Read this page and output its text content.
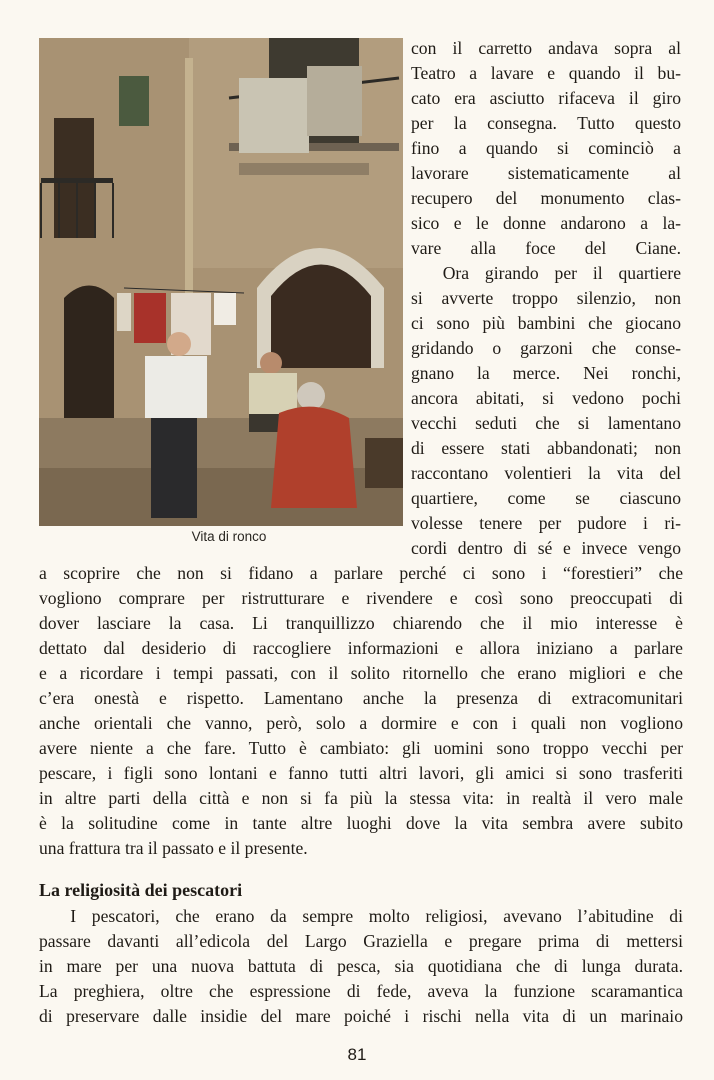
Vita di ronco
con il carretto andava sopra al
Teatro a lavare e quando il bu-
cato era asciutto rifaceva il giro
per la consegna. Tutto questo
fino a quando si cominciò a
lavorare sistematicamente al
recupero del monumento clas-
sico e le donne andarono a la-
vare alla foce del Ciane.
Ora girando per il quartiere
si avverte troppo silenzio, non
ci sono più bambini che giocano
gridando o garzoni che conse-
gnano la merce. Nei ronchi,
ancora abitati, si vedono pochi
vecchi seduti che si lamentano
di essere stati abbandonati; non
raccontano volentieri la vita del
quartiere, come se ciascuno
volesse tenere per pudore i ri-
cordi dentro di sé e invece vengo
a scoprire che non si fidano a parlare perché ci sono i “forestieri” che
vogliono comprare per ristrutturare e rivendere e così sono preoccupati di
dover lasciare la casa. Li tranquillizzo chiarendo che il mio interesse è
dettato dal desiderio di raccogliere informazioni e allora iniziano a parlare
e a ricordare i tempi passati, con il solito ritornello che erano migliori e che
c’era onestà e rispetto. Lamentano anche la presenza di extracomunitari
anche orientali che vanno, però, solo a dormire e con i quali non vogliono
avere niente a che fare. Tutto è cambiato: gli uomini sono troppo vecchi per
pescare, i figli sono lontani e fanno tutti altri lavori, gli amici si sono trasferiti
in altre parti della città e non si fa più la stessa vita: in realtà il vero male
è la solitudine come in tante altre luoghi dove la vita sembra avere subito
una frattura tra il passato e il presente.
La religiosità dei pescatori
I pescatori, che erano da sempre molto religiosi, avevano l’abitudine di
passare davanti all’edicola del Largo Graziella e pregare prima di mettersi
in mare per una nuova battuta di pesca, sia quotidiana che di lunga durata.
La preghiera, oltre che espressione di fede, aveva la funzione scaramantica
di preservare dalle insidie del mare poiché i rischi nella vita di un marinaio
81
